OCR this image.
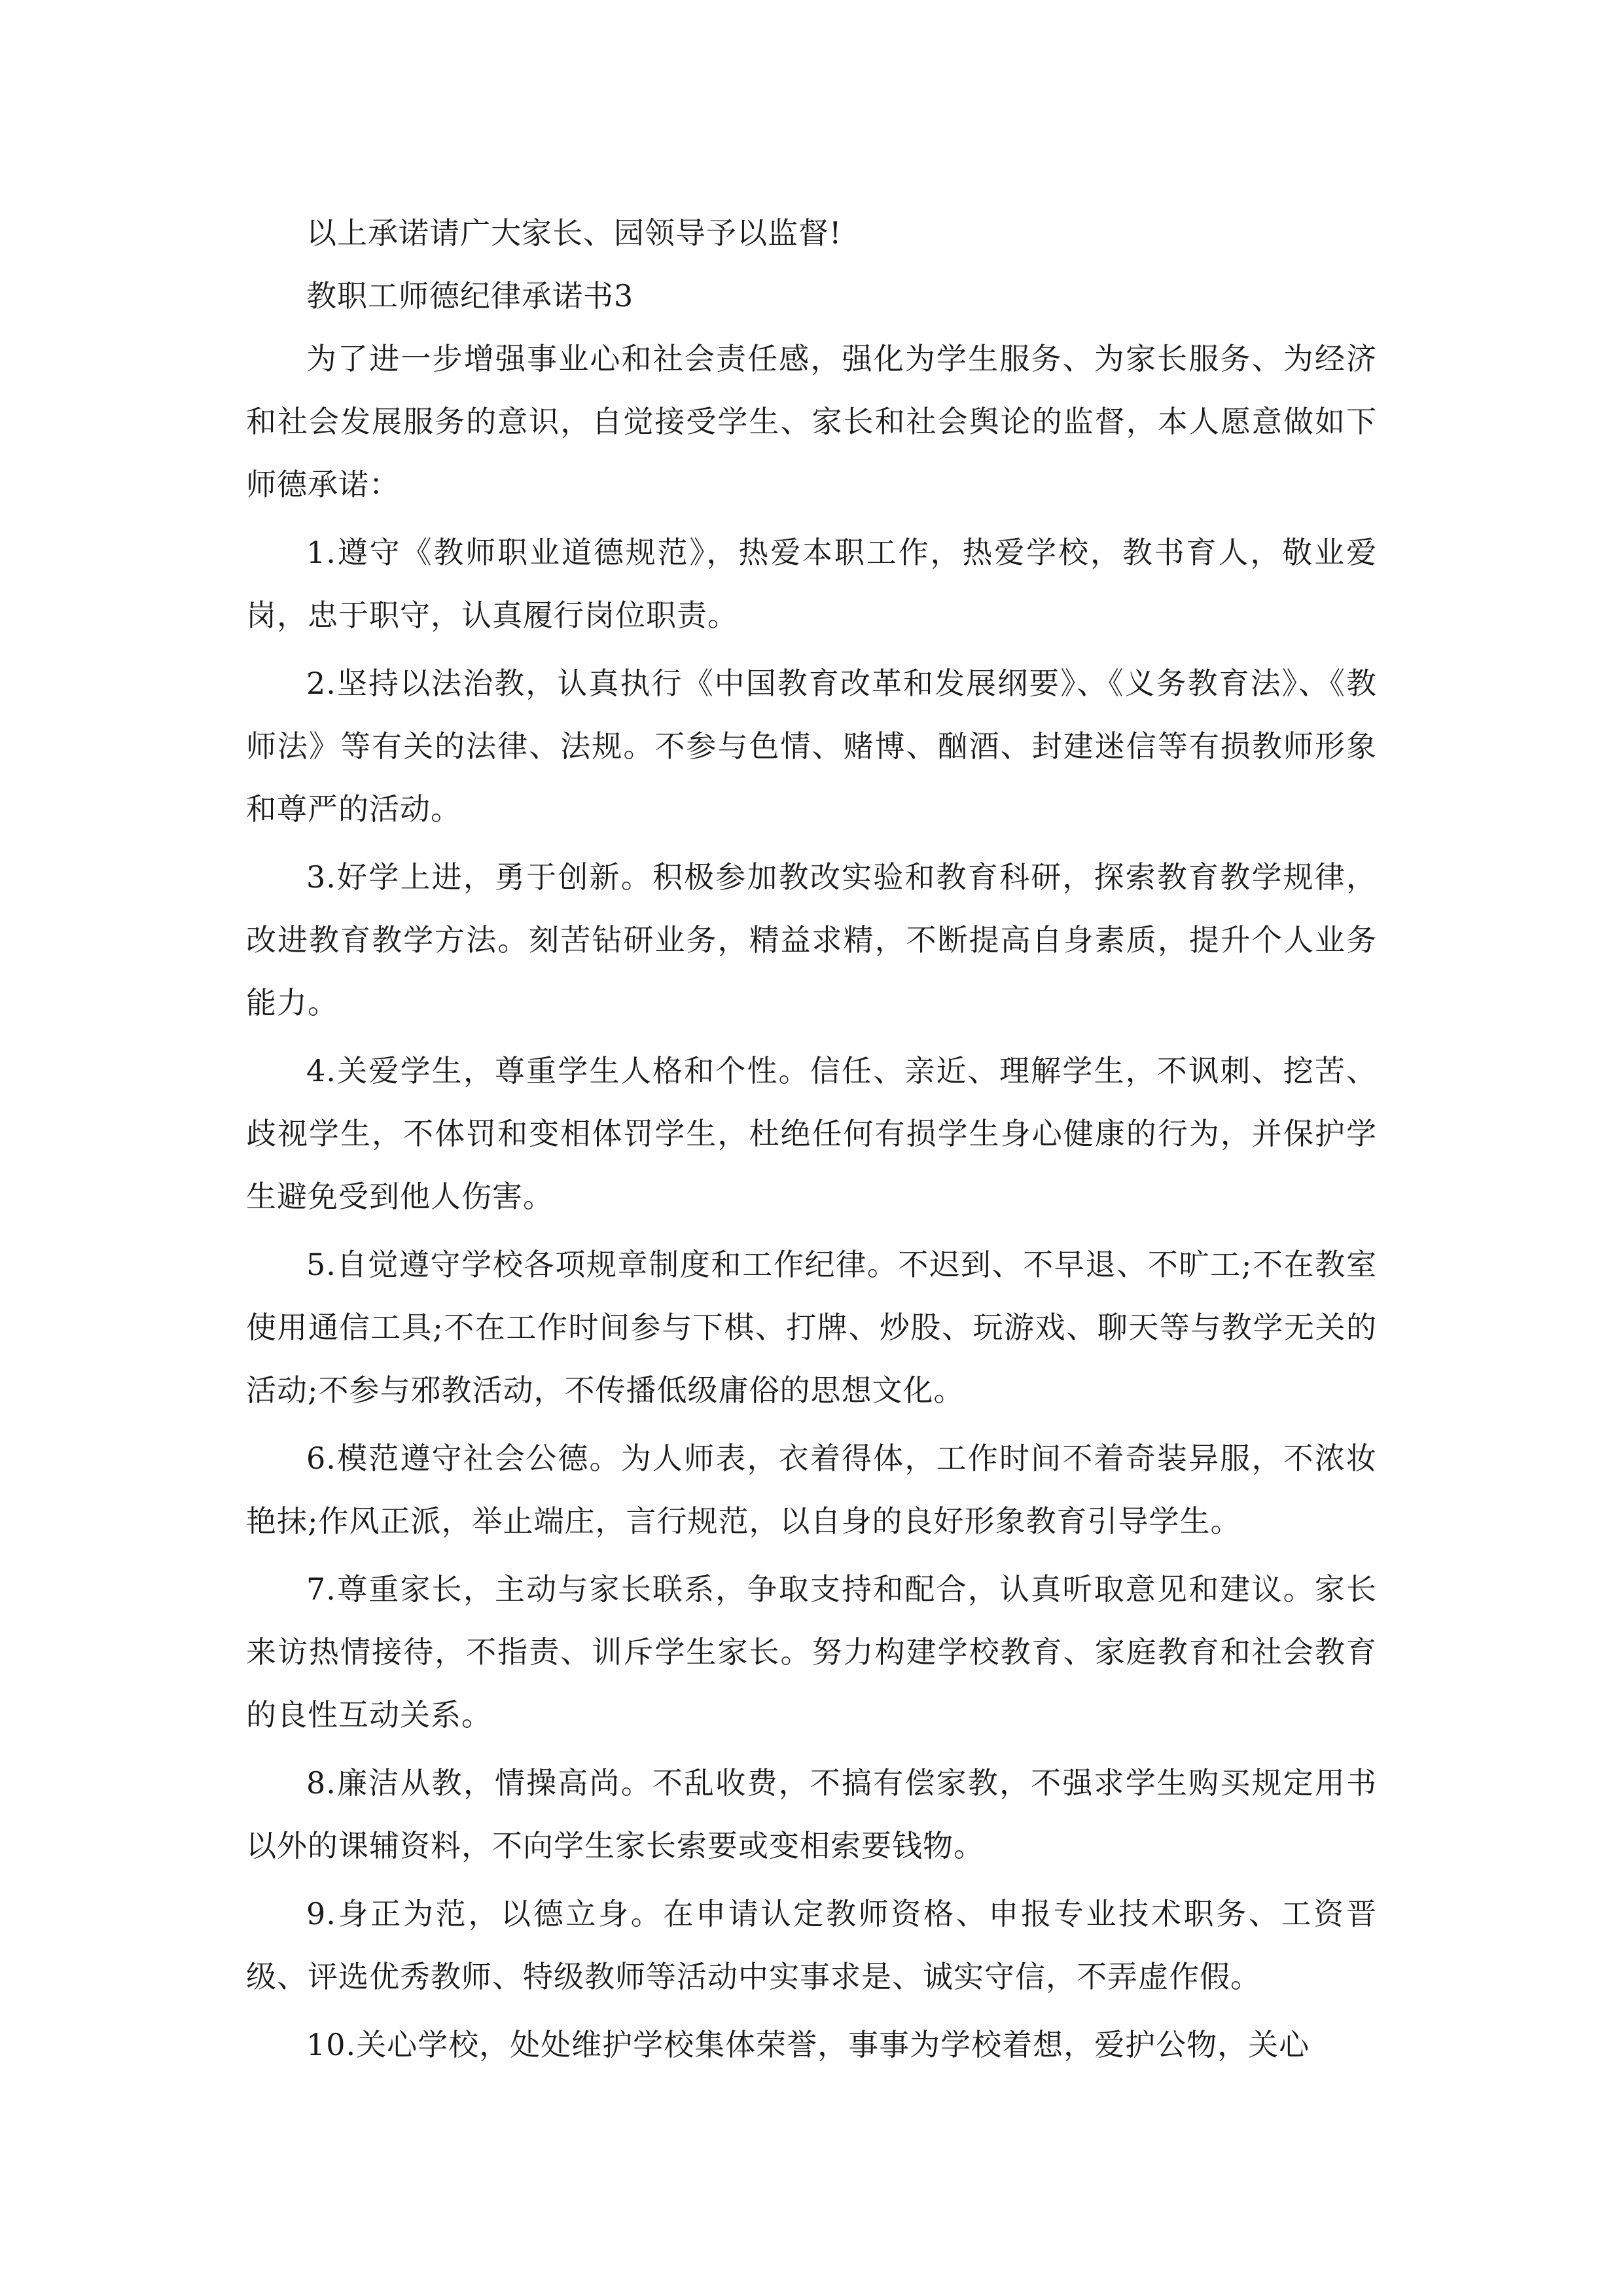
以上承诺请广大家长、园领导予以监督!

教职工师德纪律承诺书3

为了进一步增强事业心和社会责任感，强化为学生服务、为家长服务、为经济和社会发展服务的意识，自觉接受学生、家长和社会舆论的监督，本人愿意做如下师德承诺：

1.遵守《教师职业道德规范》，热爱本职工作，热爱学校，教书育人，敬业爱岗，忠于职守，认真履行岗位职责。

2.坚持以法治教，认真执行《中国教育改革和发展纲要》、《义务教育法》、《教师法》等有关的法律、法规。不参与色情、赌博、酗酒、封建迷信等有损教师形象和尊严的活动。

3.好学上进，勇于创新。积极参加教改实验和教育科研，探索教育教学规律，改进教育教学方法。刻苦钻研业务，精益求精，不断提高自身素质，提升个人业务能力。

4.关爱学生，尊重学生人格和个性。信任、亲近、理解学生，不讽刺、挖苦、歧视学生，不体罚和变相体罚学生，杜绝任何有损学生身心健康的行为，并保护学生避免受到他人伤害。

5.自觉遵守学校各项规章制度和工作纪律。不迟到、不早退、不旷工;不在教室使用通信工具;不在工作时间参与下棋、打牌、炒股、玩游戏、聊天等与教学无关的活动;不参与邪教活动，不传播低级庸俗的思想文化。

6.模范遵守社会公德。为人师表，衣着得体，工作时间不着奇装异服，不浓妆艳抹;作风正派，举止端庄，言行规范，以自身的良好形象教育引导学生。

7.尊重家长，主动与家长联系，争取支持和配合，认真听取意见和建议。家长来访热情接待，不指责、训斥学生家长。努力构建学校教育、家庭教育和社会教育的良性互动关系。

8.廉洁从教，情操高尚。不乱收费，不搞有偿家教，不强求学生购买规定用书以外的课辅资料，不向学生家长索要或变相索要钱物。

9.身正为范，以德立身。在申请认定教师资格、申报专业技术职务、工资晋级、评选优秀教师、特级教师等活动中实事求是、诚实守信，不弄虚作假。

10.关心学校，处处维护学校集体荣誉，事事为学校着想，爱护公物，关心
